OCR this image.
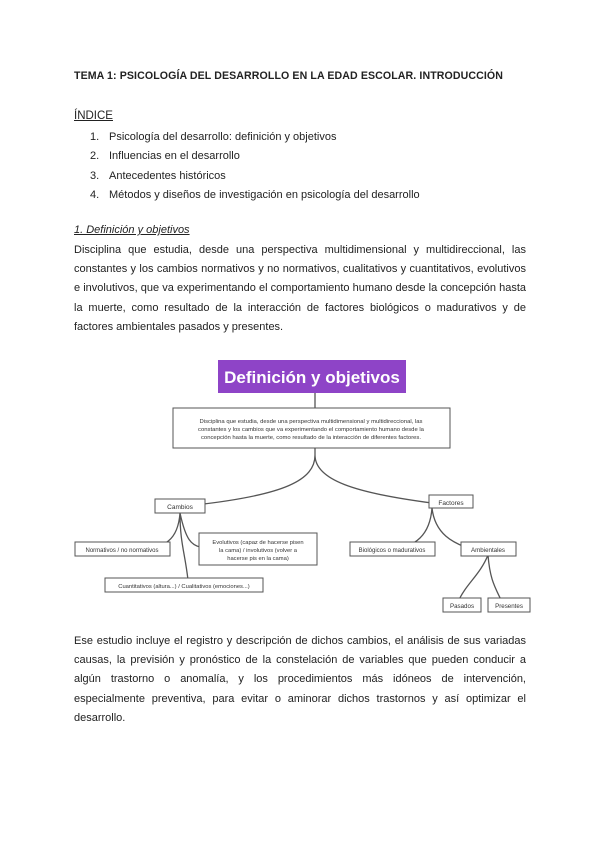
TEMA 1: PSICOLOGÍA DEL DESARROLLO EN LA EDAD ESCOLAR. INTRODUCCIÓN
ÍNDICE
1. Psicología del desarrollo: definición y objetivos
2. Influencias en el desarrollo
3. Antecedentes históricos
4. Métodos y diseños de investigación en psicología del desarrollo
1. Definición y objetivos

Disciplina que estudia, desde una perspectiva multidimensional y multidireccional, las constantes y los cambios normativos y no normativos, cualitativos y cuantitativos, evolutivos e involutivos, que va experimentando el comportamiento humano desde la concepción hasta la muerte, como resultado de la interacción de factores biológicos o madurativos y de factores ambientales pasados y presentes.

Definición y objetivos
Disciplina que estudia, desde una perspectiva multidimensional y multidireccional, las
constantes y los cambios que va experimentando el comportamiento humano desde la
concepción hasta la muerte, como resultado de la interacción de diferentes factores.
Cambios
Normativos / no normativos
Evolutivos (capaz de hacerse pisen
la cama) / involutivos (volver a
hacerse pis en la cama)
Cuantitativos (altura...) / Cualitativos (emociones...)
Factores
Biológicos o madurativos	Ambientales
Pasados	Presentes

Ese estudio incluye el registro y descripción de dichos cambios, el análisis de sus variadas causas, la previsión y pronóstico de la constelación de variables que pueden conducir a algún trastorno o anomalía, y los procedimientos más idóneos de intervención, especialmente preventiva, para evitar o aminorar dichos trastornos y así optimizar el desarrollo.
